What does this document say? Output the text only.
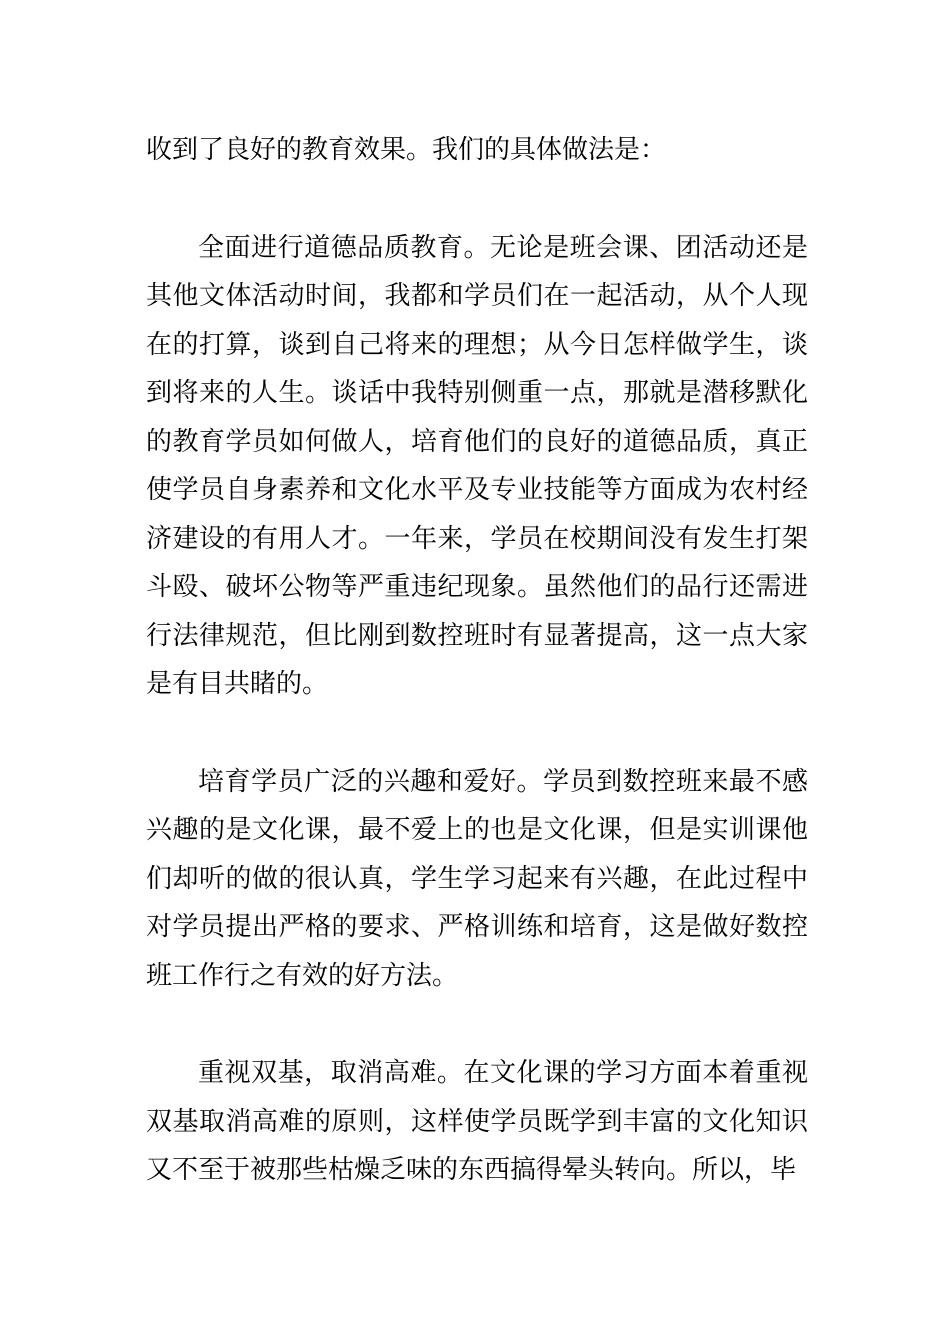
收到了良好的教育效果。我们的具体做法是：

全面进行道德品质教育。无论是班会课、团活动还是其他文体活动时间，我都和学员们在一起活动，从个人现在的打算，谈到自己将来的理想；从今日怎样做学生，谈到将来的人生。谈话中我特别侧重一点，那就是潜移默化的教育学员如何做人，培育他们的良好的道德品质，真正使学员自身素养和文化水平及专业技能等方面成为农村经济建设的有用人才。一年来，学员在校期间没有发生打架斗殴、破坏公物等严重违纪现象。虽然他们的品行还需进行法律规范，但比刚到数控班时有显著提高，这一点大家是有目共睹的。

培育学员广泛的兴趣和爱好。学员到数控班来最不感兴趣的是文化课，最不爱上的也是文化课，但是实训课他们却听的做的很认真，学生学习起来有兴趣，在此过程中对学员提出严格的要求、严格训练和培育，这是做好数控班工作行之有效的好方法。

重视双基，取消高难。在文化课的学习方面本着重视双基取消高难的原则，这样使学员既学到丰富的文化知识又不至于被那些枯燥乏味的东西搞得晕头转向。所以，毕
